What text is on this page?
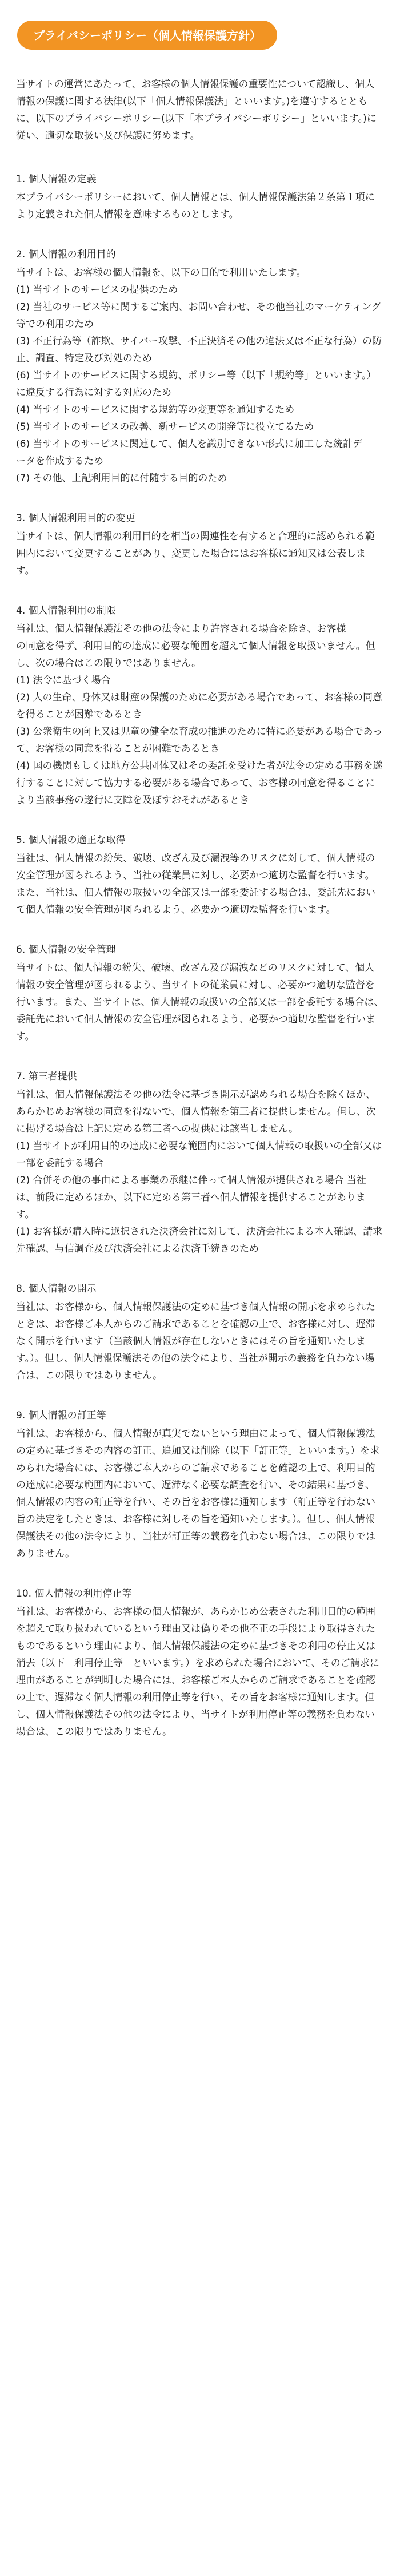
プライバシーポリシー（個人情報保護方針）
当サイトの運営にあたって、お客様の個人情報保護の重要性について認識し、個人情報の保護に関する法律(以下「個人情報保護法」といいます。)を遵守するとともに、以下のプライバシーポリシー(以下「本プライバシーポリシー」といいます。)に従い、適切な取扱い及び保護に努めます。
1. 個人情報の定義
本プライバシーポリシーにおいて、個人情報とは、個人情報保護法第２条第１項により定義された個人情報を意味するものとします。
2. 個人情報の利用目的
当サイトは、お客様の個人情報を、以下の目的で利用いたします。
(1) 当サイトのサービスの提供のため
(2) 当社のサービス等に関するご案内、お問い合わせ、その他当社のマーケティング等での利用のため
(3) 不正行為等（詐欺、サイバー攻撃、不正決済その他の違法又は不正な行為）の防止、調査、特定及び対処のため
(6) 当サイトのサービスに関する規約、ポリシー等（以下「規約等」といいます。）
に違反する行為に対する対応のため
(4) 当サイトのサービスに関する規約等の変更等を通知するため
(5) 当サイトのサービスの改善、新サービスの開発等に役立てるため
(6) 当サイトのサービスに関連して、個人を識別できない形式に加工した統計デ
ータを作成するため
(7) その他、上記利用目的に付随する目的のため
3. 個人情報利用目的の変更
当サイトは、個人情報の利用目的を相当の関連性を有すると合理的に認められる範囲内において変更することがあり、変更した場合にはお客様に通知又は公表します。
4. 個人情報利用の制限
当社は、個人情報保護法その他の法令により許容される場合を除き、お客様
の同意を得ず、利用目的の達成に必要な範囲を超えて個人情報を取扱いません。但し、次の場合はこの限りではありません。
(1) 法令に基づく場合
(2) 人の生命、身体又は財産の保護のために必要がある場合であって、お客様の同意を得ることが困難であるとき
(3) 公衆衛生の向上又は児童の健全な育成の推進のために特に必要がある場合であって、お客様の同意を得ることが困難であるとき
(4) 国の機関もしくは地方公共団体又はその委託を受けた者が法令の定める事務を遂行することに対して協力する必要がある場合であって、お客様の同意を得ることにより当該事務の遂行に支障を及ぼすおそれがあるとき
5. 個人情報の適正な取得
当社は、個人情報の紛失、破壊、改ざん及び漏洩等のリスクに対して、個人情報の安全管理が図られるよう、当社の従業員に対し、必要かつ適切な監督を行います。また、当社は、個人情報の取扱いの全部又は一部を委託する場合は、委託先において個人情報の安全管理が図られるよう、必要かつ適切な監督を行います。
6. 個人情報の安全管理
当サイトは、個人情報の紛失、破壊、改ざん及び漏洩などのリスクに対して、個人情報の安全管理が図られるよう、当サイトの従業員に対し、必要かつ適切な監督を行います。また、当サイトは、個人情報の取扱いの全部又は一部を委託する場合は、委託先において個人情報の安全管理が図られるよう、必要かつ適切な監督を行います。
7. 第三者提供
当社は、個人情報保護法その他の法令に基づき開示が認められる場合を除くほか、あらかじめお客様の同意を得ないで、個人情報を第三者に提供しません。但し、次に掲げる場合は上記に定める第三者への提供には該当しません。
(1) 当サイトが利用目的の達成に必要な範囲内において個人情報の取扱いの全部又は一部を委託する場合
(2) 合併その他の事由による事業の承継に伴って個人情報が提供される場合 当社は、前段に定めるほか、以下に定める第三者へ個人情報を提供することがあります。
(1) お客様が購入時に選択された決済会社に対して、決済会社による本人確認、請求先確認、与信調査及び決済会社による決済手続きのため
8. 個人情報の開示
当社は、お客様から、個人情報保護法の定めに基づき個人情報の開示を求められたときは、お客様ご本人からのご請求であることを確認の上で、お客様に対し、遅滞なく開示を行います（当該個人情報が存在しないときにはその旨を通知いたします。）。但し、個人情報保護法その他の法令により、当社が開示の義務を負わない場合は、この限りではありません。
9. 個人情報の訂正等
当社は、お客様から、個人情報が真実でないという理由によって、個人情報保護法の定めに基づきその内容の訂正、追加又は削除（以下「訂正等」といいます。）を求められた場合には、お客様ご本人からのご請求であることを確認の上で、利用目的の達成に必要な範囲内において、遅滞なく必要な調査を行い、その結果に基づき、個人情報の内容の訂正等を行い、その旨をお客様に通知します（訂正等を行わない旨の決定をしたときは、お客様に対しその旨を通知いたします。）。但し、個人情報保護法その他の法令により、当社が訂正等の義務を負わない場合は、この限りではありません。
10. 個人情報の利用停止等
当社は、お客様から、お客様の個人情報が、あらかじめ公表された利用目的の範囲を超えて取り扱われているという理由又は偽りその他不正の手段により取得されたものであるという理由により、個人情報保護法の定めに基づきその利用の停止又は消去（以下「利用停止等」といいます。）を求められた場合において、そのご請求に理由があることが判明した場合には、お客様ご本人からのご請求であることを確認の上で、遅滞なく個人情報の利用停止等を行い、その旨をお客様に通知します。但し、個人情報保護法その他の法令により、当サイトが利用停止等の義務を負わない場合は、この限りではありません。
